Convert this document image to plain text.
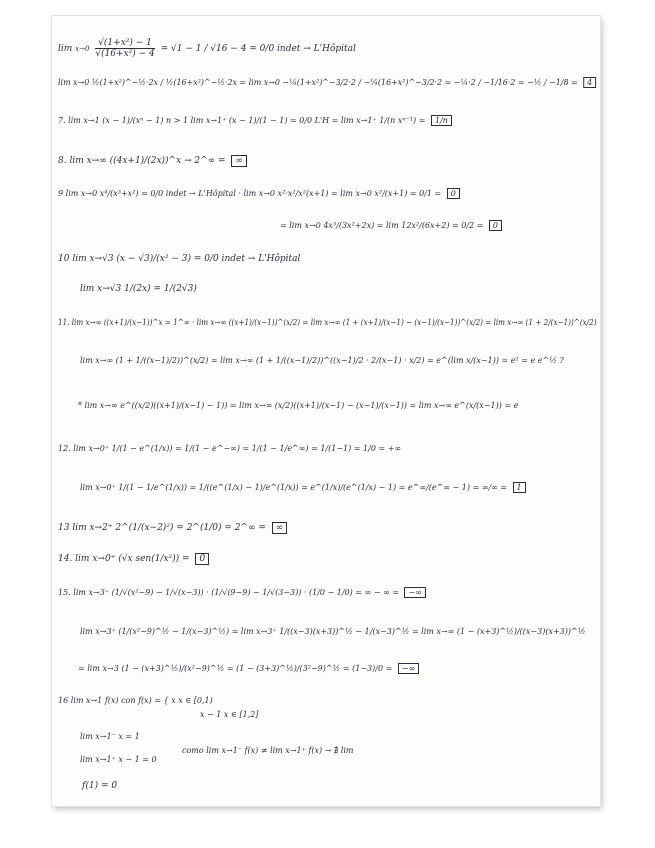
$\lim x\to 0 \frac{\text{√(1+x²) − 1}}{\text{√(16+x²) − 4}} = √1 - 1 / √16 - 4 = 0/0$ indet → L'Hôpital
lim x→0 ½(1+x²)^−½·2x / ½(16+x²)^−½·2x = lim x→0 −¼(1+x²)^−3/2·2 / −¼(16+x²)^−3/2·2 = −¼·2 / −1/16·2 = −½ / −1/8 = 4
7. lim x→1 (x − 1)/(xⁿ − 1) n > 1 lim x→1⁺ (x − 1)/(1 − 1) = 0/0 L'H = lim x→1⁺ 1/(n xⁿ⁻¹) = 1/n
8. lim x→∞ ((4x+1)/(2x))^x → 2^∞ = ∞
9 lim x→0 x⁴/(x³+x²) = 0/0 indet → L'Hôpital · lim x→0 x²·x²/x²(x+1) = lim x→0 x²/(x+1) = 0/1 = 0
= lim x→0 4x³/(3x²+2x) = lim 12x²/(6x+2) = 0/2 = 0
10 lim x→√3 (x − √3)/(x² − 3) = 0/0 indet → L'Hôpital
lim x→√3 1/(2x) = 1/(2√3)
11. lim x→∞ ((x+1)/(x−1))^x = 1^∞ · lim x→∞ ((x+1)/(x−1))^(x/2) = lim x→∞ (1 + (x+1)/(x−1) − (x−1)/(x−1))^(x/2) = lim x→∞ (1 + 2/(x−1))^(x/2)
lim x→∞ (1 + 1/((x−1)/2))^(x/2) = lim x→∞ (1 + 1/((x−1)/2))^((x−1)/2 · 2/(x−1) · x/2) = e^(lim x/(x−1)) = e¹ = e e^½ ?
* lim x→∞ e^((x/2)((x+1)/(x−1) − 1)) = lim x→∞ (x/2)((x+1)/(x−1) − (x−1)/(x−1)) = lim x→∞ e^(x/(x−1)) = e
12. lim x→0⁺ 1/(1 − e^(1/x)) = 1/(1 − e^−∞) = 1/(1 − 1/e^∞) = 1/(1−1) = 1/0 = +∞
lim x→0⁺ 1/(1 − 1/e^(1/x)) = 1/((e^(1/x) − 1)/e^(1/x)) = e^(1/x)/(e^(1/x) − 1) = e^∞/(e^∞ − 1) = ∞/∞ = 1
13 lim x→2⁺ 2^(1/(x−2)²) = 2^(1/0) = 2^∞ = ∞
14. lim x→0⁺ (√x sen(1/x²)) = 0
15. lim x→3⁺ (1/√(x²−9) − 1/√(x−3)) · (1/√(9−9) − 1/√(3−3)) · (1/0 − 1/0) = ∞ − ∞ = −∞
lim x→3⁺ (1/(x²−9)^½ − 1/(x−3)^½) = lim x→3⁺ 1/((x−3)(x+3))^½ − 1/(x−3)^½ = lim x→∞ (1 − (x+3)^½)/((x−3)(x+3))^½
= lim x→3 (1 − (x+3)^½)/(x²−9)^½ = (1 − (3+3)^½)/(3²−9)^½ = (1−3)/0 = −∞
16 lim x→1 f(x) con f(x) = { x x ∈ [0,1)
x − 1 x ∈ [1,2]
lim x→1⁻ x = 1
lim x→1⁺ x − 1 = 0
como lim x→1⁻ f(x) ≠ lim x→1⁺ f(x) → ∄ lim
f(1) = 0
